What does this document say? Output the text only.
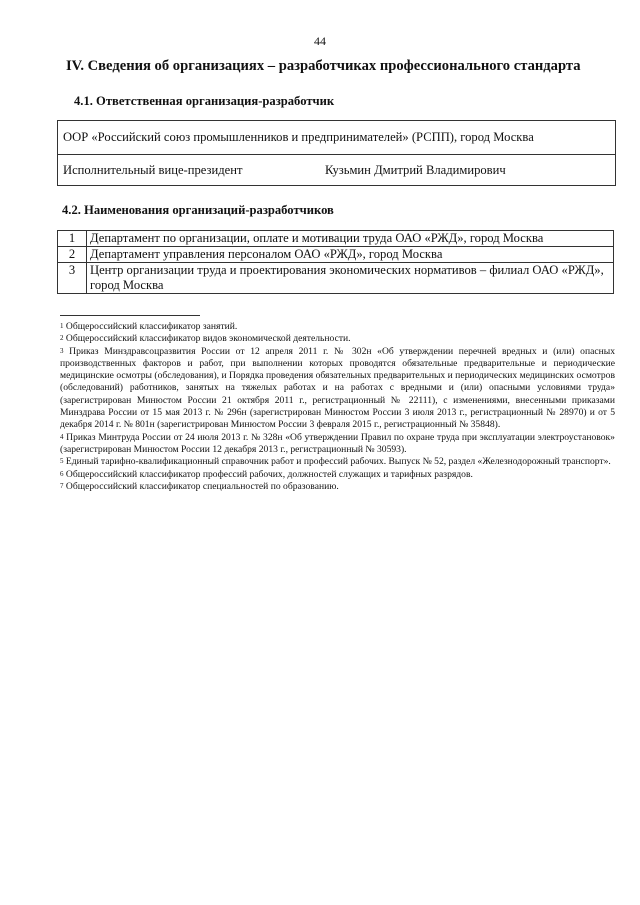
44
IV. Сведения об организациях – разработчиках профессионального стандарта
4.1. Ответственная организация-разработчик
ООР «Российский союз промышленников и предпринимателей» (РСПП), город Москва
Исполнительный вице-президент	Кузьмин Дмитрий Владимирович
4.2. Наименования организаций-разработчиков
1	Департамент по организации, оплате и мотивации труда ОАО «РЖД», город Москва
2	Департамент управления персоналом ОАО «РЖД», город Москва
3	Центр организации труда и проектирования экономических нормативов – филиал ОАО «РЖД», город Москва

$^1$ Общероссийский классификатор занятий.

$^2$ Общероссийский классификатор видов экономической деятельности.

$^3$ Приказ Минздравсоцразвития России от 12 апреля 2011 г. № 302н «Об утверждении перечней вредных и (или) опасных производственных факторов и работ, при выполнении которых проводятся обязательные предварительные и периодические медицинские осмотры (обследования), и Порядка проведения обязательных предварительных и периодических медицинских осмотров (обследований) работников, занятых на тяжелых работах и на работах с вредными и (или) опасными условиями труда» (зарегистрирован Минюстом России 21 октября 2011 г., регистрационный № 22111), с изменениями, внесенными приказами Минздрава России от 15 мая 2013 г. № 296н (зарегистрирован Минюстом России 3 июля 2013 г., регистрационный № 28970) и от 5 декабря 2014 г. № 801н (зарегистрирован Минюстом России 3 февраля 2015 г., регистрационный № 35848).

$^4$ Приказ Минтруда России от 24 июля 2013 г. № 328н «Об утверждении Правил по охране труда при эксплуатации электроустановок» (зарегистрирован Минюстом России 12 декабря 2013 г., регистрационный № 30593).

$^5$ Единый тарифно-квалификационный справочник работ и профессий рабочих. Выпуск № 52, раздел «Железнодорожный транспорт».

$^6$ Общероссийский классификатор профессий рабочих, должностей служащих и тарифных разрядов.

$^7$ Общероссийский классификатор специальностей по образованию.
